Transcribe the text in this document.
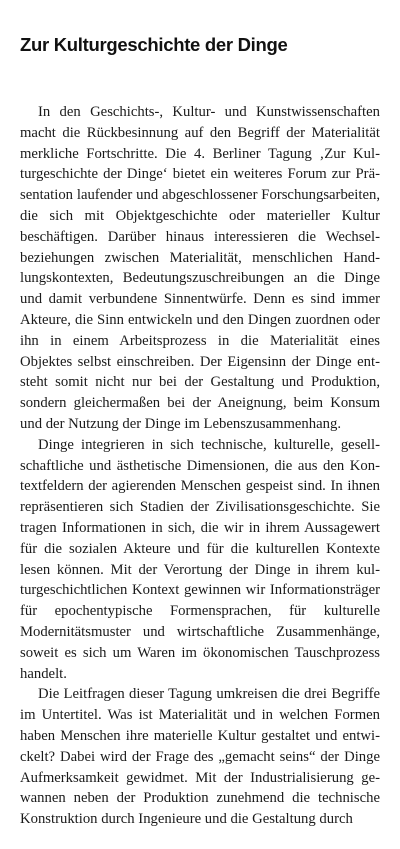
Zur Kulturgeschichte der Dinge

In den Geschichts-, Kultur- und Kunstwissenschaften macht die Rückbesinnung auf den Begriff der Materialität merkliche Fortschritte. Die 4. Berliner Tagung ‚Zur Kulturgeschichte der Dinge‘ bietet ein weiteres Forum zur Präsentation laufender und abgeschlossener Forschungsarbeiten, die sich mit Objektgeschichte oder materieller Kultur beschäftigen. Darüber hinaus interessieren die Wechselbeziehungen zwischen Materialität, menschlichen Handlungskontexten, Bedeutungszuschreibungen an die Dinge und damit verbundene Sinnentwürfe. Denn es sind immer Akteure, die Sinn entwickeln und den Dingen zuordnen oder ihn in einem Arbeitsprozess in die Materialität eines Objektes selbst einschreiben. Der Eigensinn der Dinge entsteht somit nicht nur bei der Gestaltung und Produktion, sondern gleichermaßen bei der Aneignung, beim Konsum und der Nutzung der Dinge im Lebenszusammenhang.

Dinge integrieren in sich technische, kulturelle, gesellschaftliche und ästhetische Dimensionen, die aus den Kontextfeldern der agierenden Menschen gespeist sind. In ihnen repräsentieren sich Stadien der Zivilisationsgeschichte. Sie tragen Informationen in sich, die wir in ihrem Aussagewert für die sozialen Akteure und für die kulturellen Kontexte lesen können. Mit der Verortung der Dinge in ihrem kulturgeschichtlichen Kontext gewinnen wir Informationsträger für epochentypische Formensprachen, für kulturelle Modernitätsmuster und wirtschaftliche Zusammenhänge, soweit es sich um Waren im ökonomischen Tauschprozess handelt.

Die Leitfragen dieser Tagung umkreisen die drei Begriffe im Untertitel. Was ist Materialität und in welchen Formen haben Menschen ihre materielle Kultur gestaltet und entwickelt? Dabei wird der Frage des „gemacht seins“ der Dinge Aufmerksamkeit gewidmet. Mit der Industrialisierung gewannen neben der Produktion zunehmend die technische Konstruktion durch Ingenieure und die Gestaltung durch
